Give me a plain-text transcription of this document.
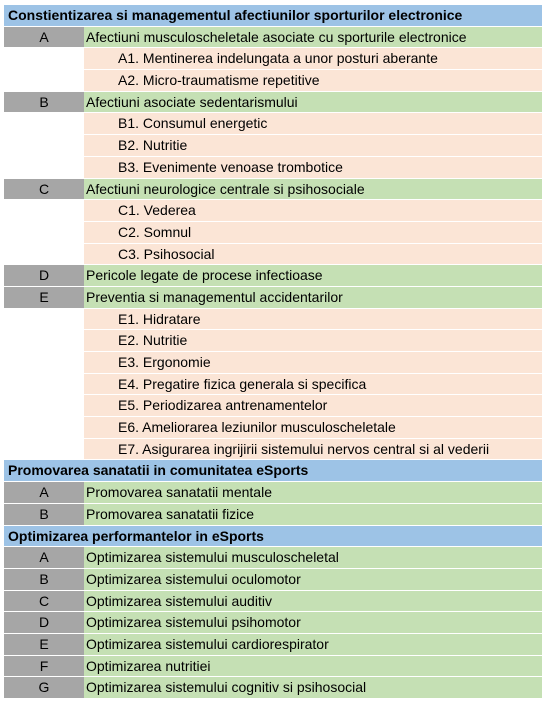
Constientizarea si managementul afectiunilor sporturilor electronice
A	Afectiuni musculoscheletale asociate cu sporturile electronice
A1. Mentinerea indelungata a unor posturi aberante
A2. Micro-traumatisme repetitive
B	Afectiuni asociate sedentarismului
B1. Consumul energetic
B2. Nutritie
B3. Evenimente venoase trombotice
C	Afectiuni neurologice centrale si psihosociale
C1. Vederea
C2. Somnul
C3. Psihosocial
D	Pericole legate de procese infectioase
E	Preventia si managementul accidentarilor
E1. Hidratare
E2. Nutritie
E3. Ergonomie
E4. Pregatire fizica generala si specifica
E5. Periodizarea antrenamentelor
E6. Ameliorarea leziunilor musculoscheletale
E7. Asigurarea ingrijirii sistemului nervos central si al vederii
Promovarea sanatatii in comunitatea eSports
A	Promovarea sanatatii mentale
B	Promovarea sanatatii fizice
Optimizarea performantelor in eSports
A	Optimizarea sistemului musculoscheletal
B	Optimizarea sistemului oculomotor
C	Optimizarea sistemului auditiv
D	Optimizarea sistemului psihomotor
E	Optimizarea sistemului cardiorespirator
F	Optimizarea nutritiei
G	Optimizarea sistemului cognitiv si psihosocial
